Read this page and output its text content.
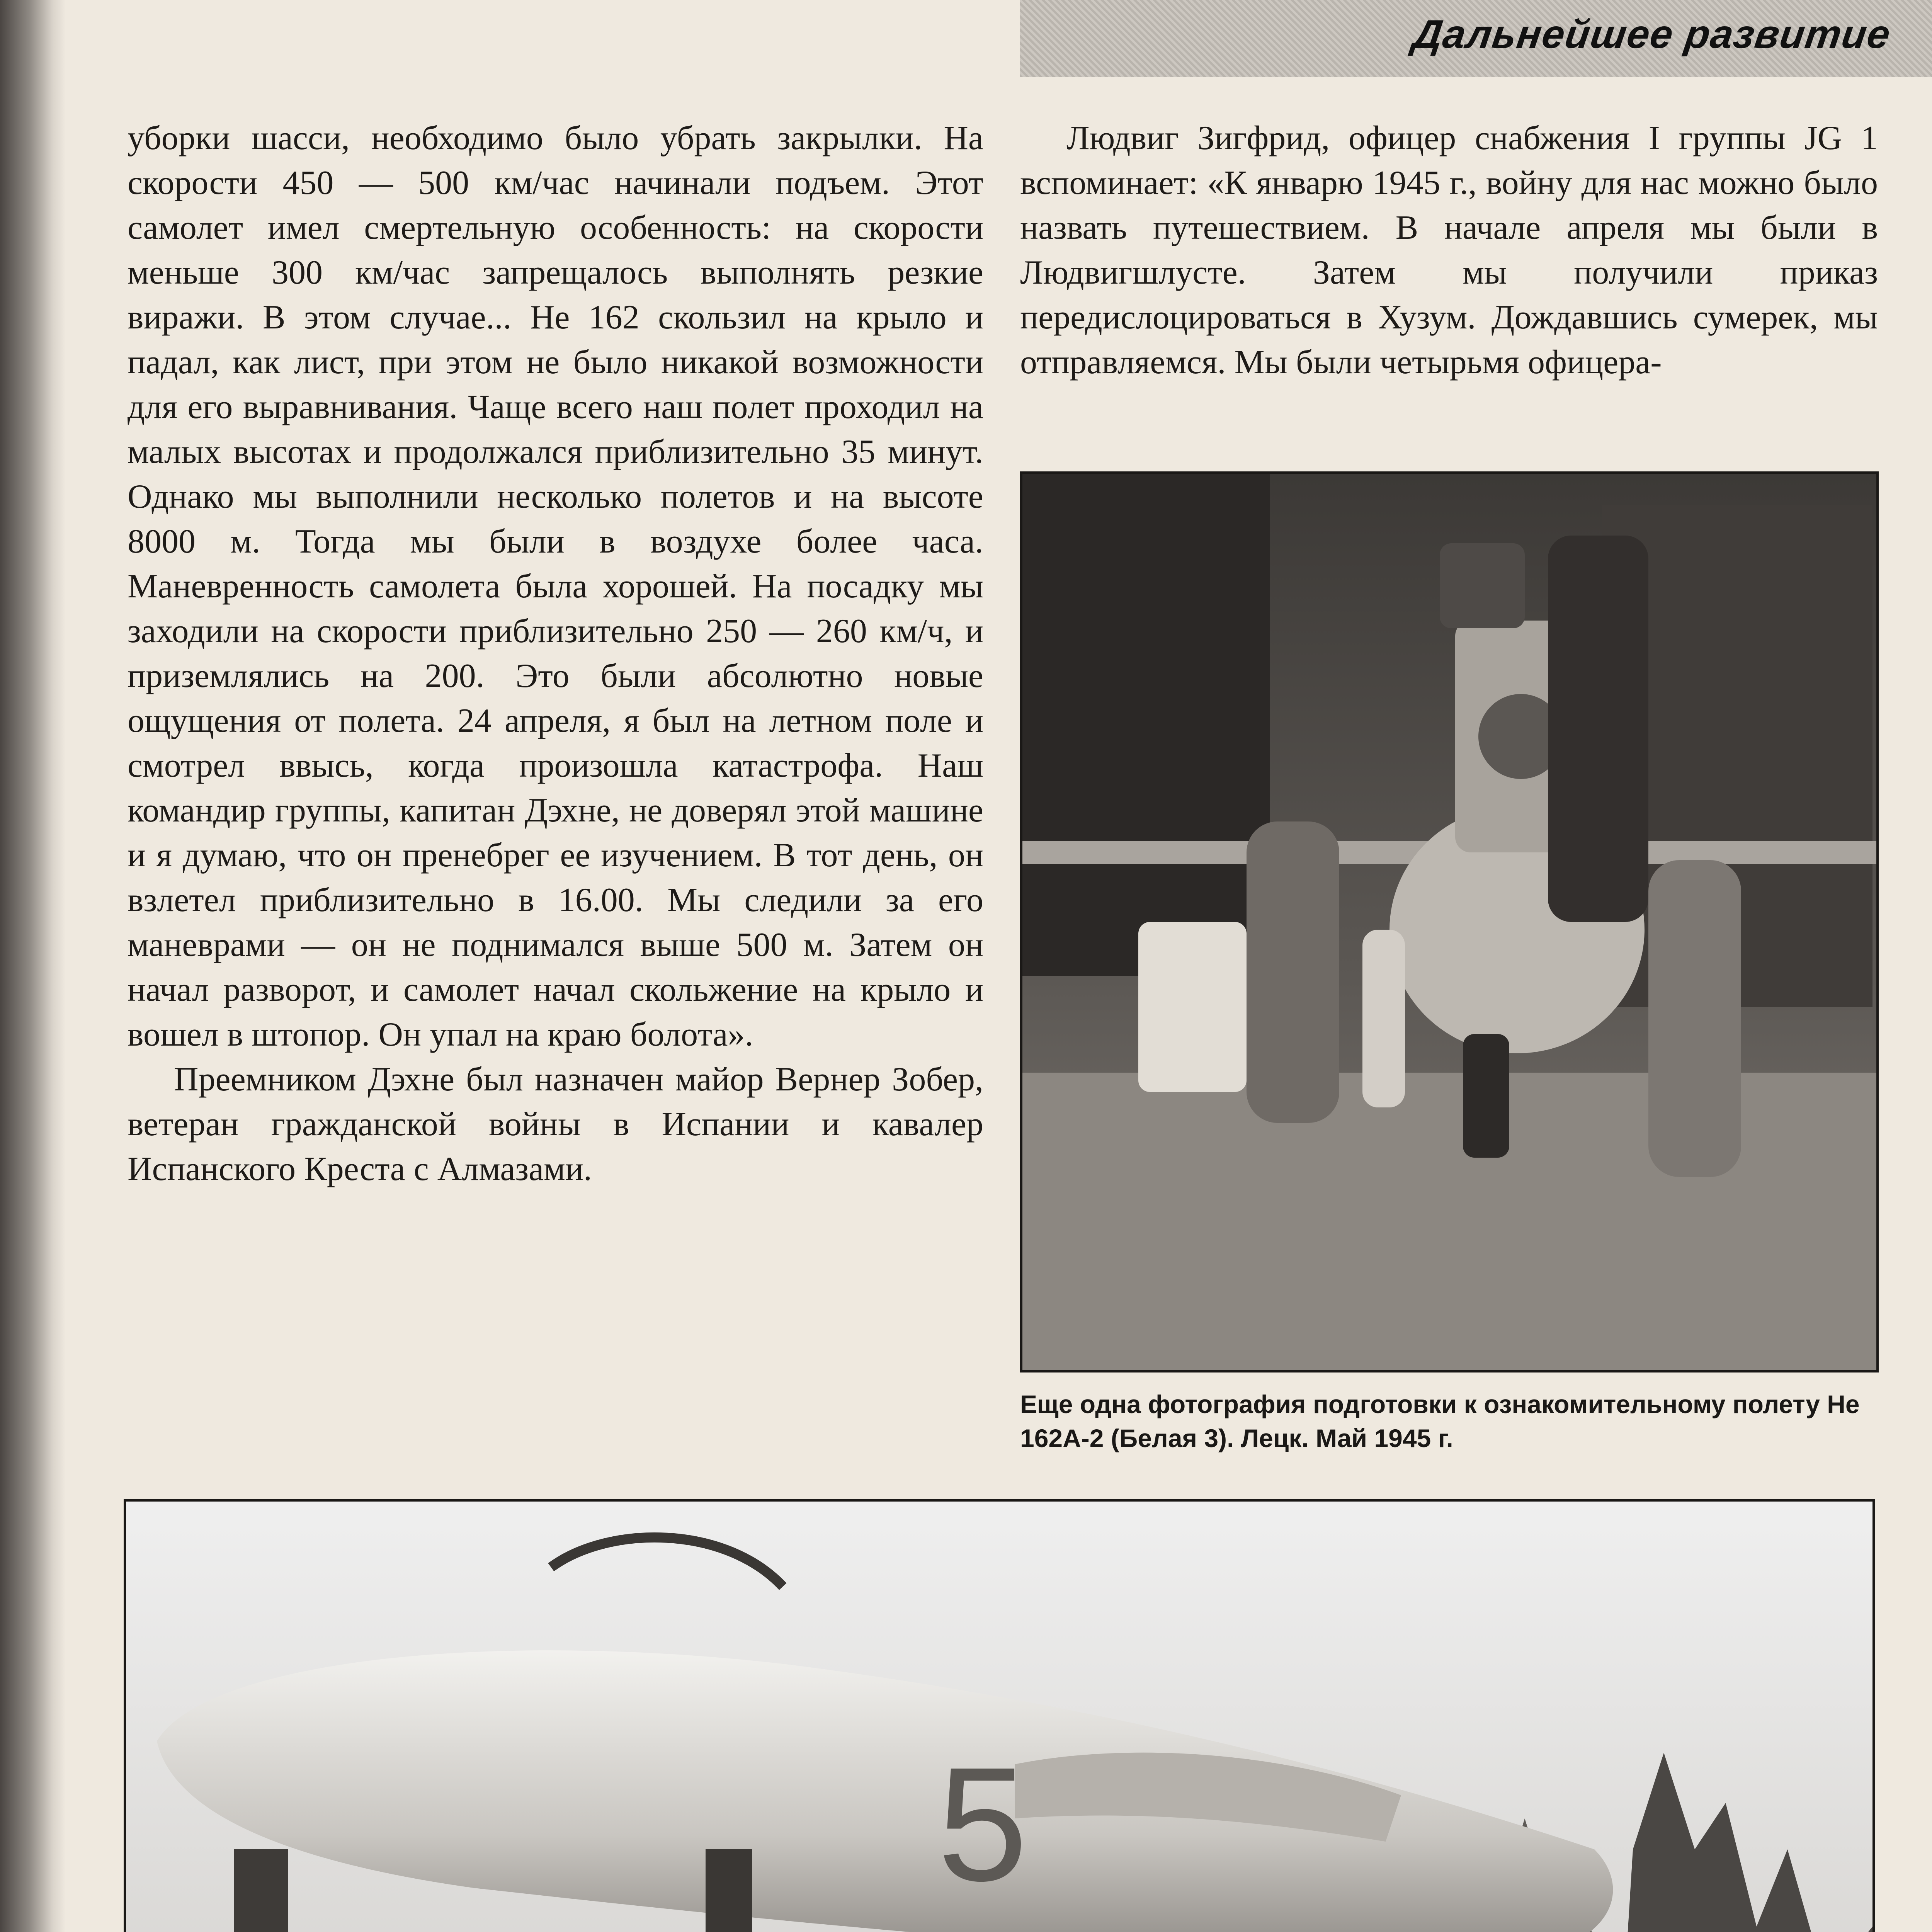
Дальнейшее развитие

уборки шасси, необходимо было убрать закрылки. На скорости 450 — 500 км/час начинали подъем. Этот самолет имел смертельную особенность: на скорости меньше 300 км/час запрещалось выполнять резкие виражи. В этом случае... Не 162 скользил на крыло и падал, как лист, при этом не было никакой возможности для его выравнивания. Чаще всего наш полет проходил на малых высотах и продолжался приблизительно 35 минут. Однако мы выполнили несколько полетов и на высоте 8000 м. Тогда мы были в воздухе более часа. Маневренность самолета была хорошей. На посадку мы заходили на скорости приблизительно 250 — 260 км/ч, и приземлялись на 200. Это были абсолютно новые ощущения от полета. 24 апреля, я был на летном поле и смотрел ввысь, когда произошла катастрофа. Наш командир группы, капитан Дэхне, не доверял этой машине и я думаю, что он пренебрег ее изучением. В тот день, он взлетел приблизительно в 16.00. Мы следили за его маневрами — он не поднимался выше 500 м. Затем он начал разворот, и самолет начал скольжение на крыло и вошел в штопор. Он упал на краю болота».

Преемником Дэхне был назначен майор Вернер Зобер, ветеран гражданской войны в Испании и кавалер Испанского Креста с Алмазами.

Людвиг Зигфрид, офицер снабжения I группы JG 1 вспоминает: «К январю 1945 г., войну для нас можно было назвать путешествием. В начале апреля мы были в Людвигшлусте. Затем мы получили приказ передислоцироваться в Хузум. Дождавшись сумерек, мы отправляемся. Мы были четырьмя офицера-

Еще одна фотография подготовки к ознакомительному полету Не 162А-2 (Белая 3). Лецк. Май 1945 г.
5
